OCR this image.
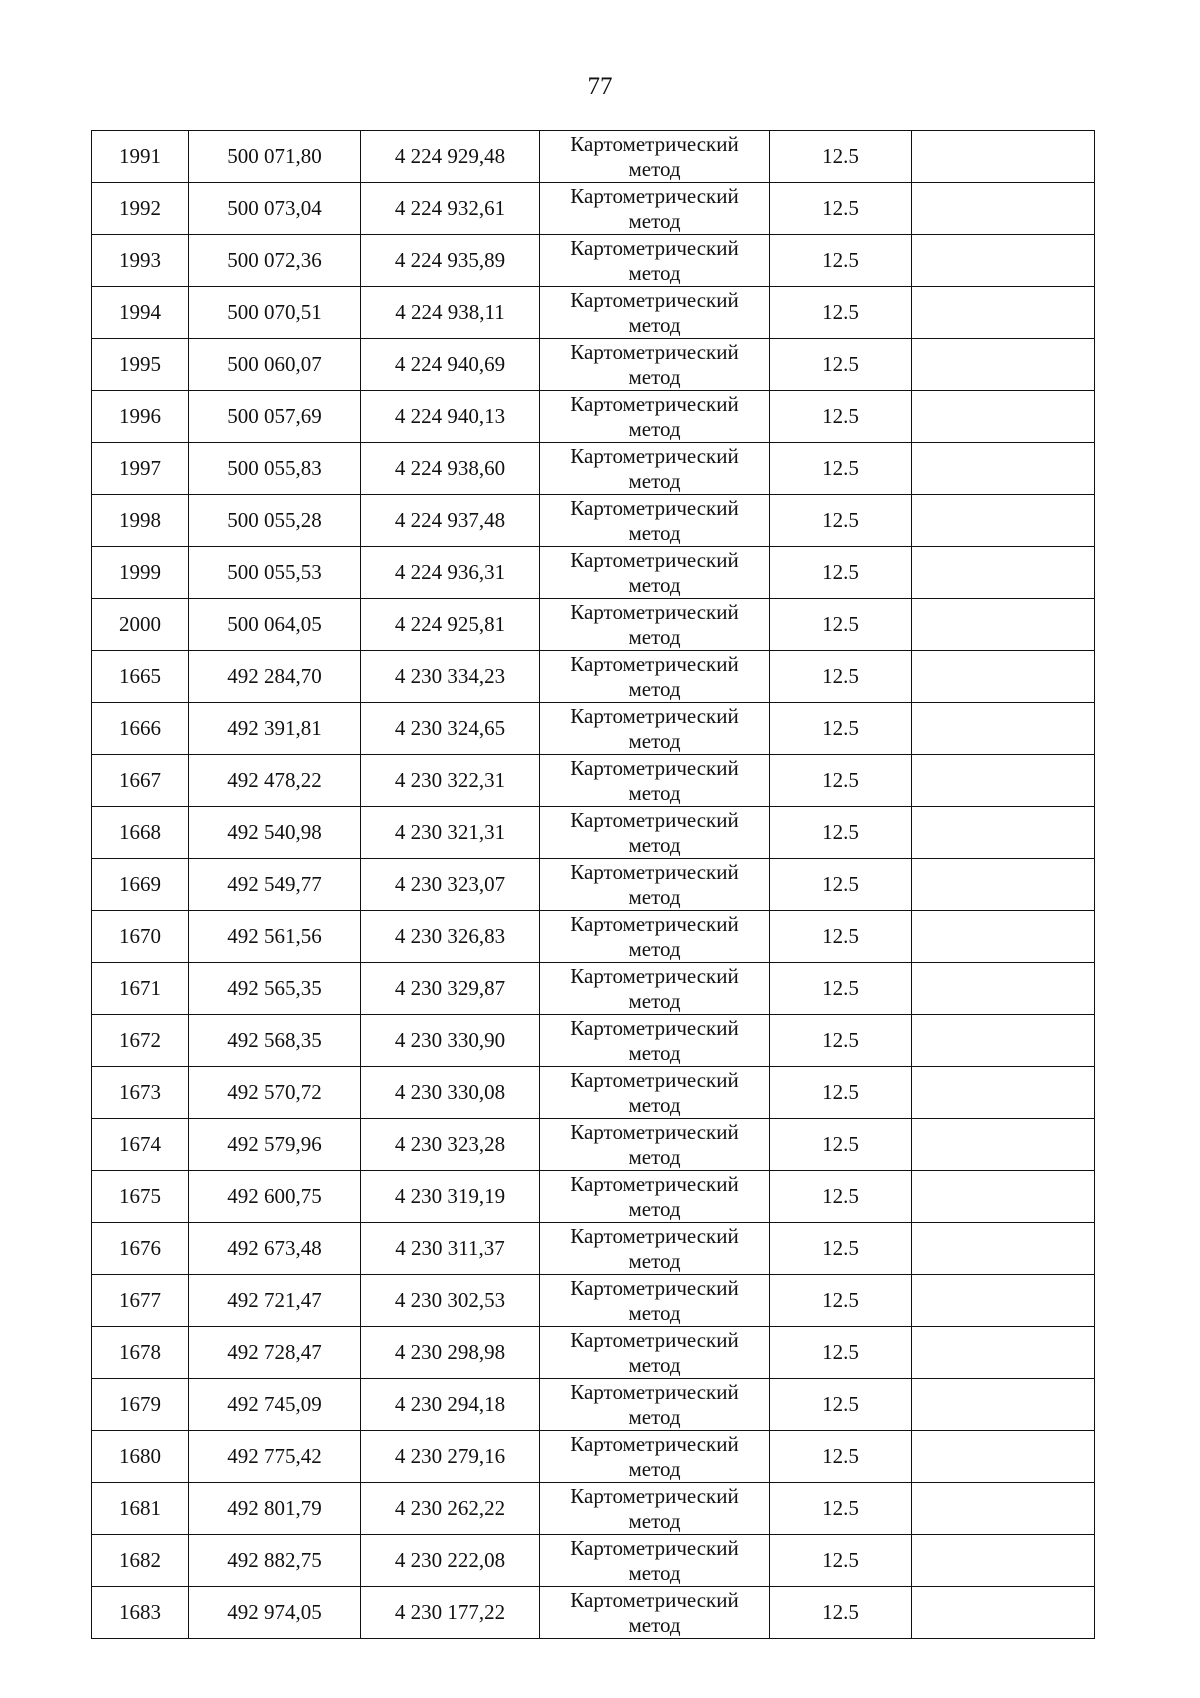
77
1991	500 071,80	4 224 929,48	Картометрический
метод	12.5	
1992	500 073,04	4 224 932,61	Картометрический
метод	12.5	
1993	500 072,36	4 224 935,89	Картометрический
метод	12.5	
1994	500 070,51	4 224 938,11	Картометрический
метод	12.5	
1995	500 060,07	4 224 940,69	Картометрический
метод	12.5	
1996	500 057,69	4 224 940,13	Картометрический
метод	12.5	
1997	500 055,83	4 224 938,60	Картометрический
метод	12.5	
1998	500 055,28	4 224 937,48	Картометрический
метод	12.5	
1999	500 055,53	4 224 936,31	Картометрический
метод	12.5	
2000	500 064,05	4 224 925,81	Картометрический
метод	12.5	
1665	492 284,70	4 230 334,23	Картометрический
метод	12.5	
1666	492 391,81	4 230 324,65	Картометрический
метод	12.5	
1667	492 478,22	4 230 322,31	Картометрический
метод	12.5	
1668	492 540,98	4 230 321,31	Картометрический
метод	12.5	
1669	492 549,77	4 230 323,07	Картометрический
метод	12.5	
1670	492 561,56	4 230 326,83	Картометрический
метод	12.5	
1671	492 565,35	4 230 329,87	Картометрический
метод	12.5	
1672	492 568,35	4 230 330,90	Картометрический
метод	12.5	
1673	492 570,72	4 230 330,08	Картометрический
метод	12.5	
1674	492 579,96	4 230 323,28	Картометрический
метод	12.5	
1675	492 600,75	4 230 319,19	Картометрический
метод	12.5	
1676	492 673,48	4 230 311,37	Картометрический
метод	12.5	
1677	492 721,47	4 230 302,53	Картометрический
метод	12.5	
1678	492 728,47	4 230 298,98	Картометрический
метод	12.5	
1679	492 745,09	4 230 294,18	Картометрический
метод	12.5	
1680	492 775,42	4 230 279,16	Картометрический
метод	12.5	
1681	492 801,79	4 230 262,22	Картометрический
метод	12.5	
1682	492 882,75	4 230 222,08	Картометрический
метод	12.5	
1683	492 974,05	4 230 177,22	Картометрический
метод	12.5	
